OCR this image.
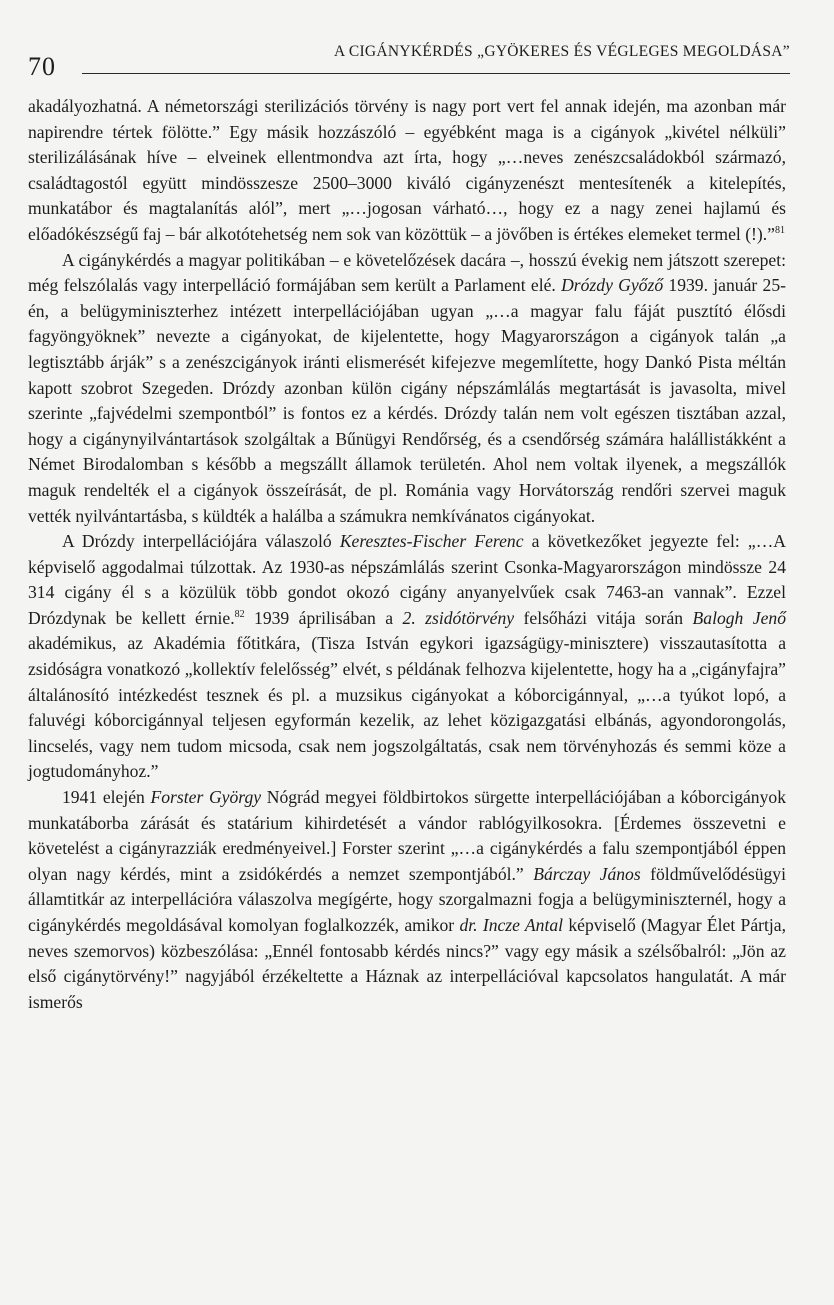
70
A CIGÁNYKÉRDÉS „GYÖKERES ÉS VÉGLEGES MEGOLDÁSA”

akadályozhatná. A németországi sterilizációs törvény is nagy port vert fel annak idején, ma azonban már napirendre tértek fölötte.” Egy másik hozzászóló – egyébként maga is a cigányok „kivétel nélküli” sterilizálásának híve – elveinek ellentmondva azt írta, hogy „…neves zenészcsaládokból származó, családtagostól együtt mindösszesze 2500–3000 kiváló cigányzenészt mentesítenék a kitelepítés, munkatábor és magtalanítás alól”, mert „…jogosan várható…, hogy ez a nagy zenei hajlamú és előadókészségű faj – bár alkotótehetség nem sok van közöttük – a jövőben is értékes elemeket termel (!).”$^{81}$

A cigánykérdés a magyar politikában – e követelőzések dacára –, hosszú évekig nem játszott szerepet: még felszólalás vagy interpelláció formájában sem került a Parlament elé. Drózdy Győző 1939. január 25-én, a belügyminiszterhez intézett interpellációjában ugyan „…a magyar falu fáját pusztító élősdi fagyöngyöknek” nevezte a cigányokat, de kijelentette, hogy Magyarországon a cigányok talán „a legtisztább árják” s a zenészcigányok iránti elismerését kifejezve megemlítette, hogy Dankó Pista méltán kapott szobrot Szegeden. Drózdy azonban külön cigány népszámlálás megtartását is javasolta, mivel szerinte „fajvédelmi szempontból” is fontos ez a kérdés. Drózdy talán nem volt egészen tisztában azzal, hogy a cigánynyilvántartások szolgáltak a Bűnügyi Rendőrség, és a csendőrség számára halállistákként a Német Birodalomban s később a megszállt államok területén. Ahol nem voltak ilyenek, a megszállók maguk rendelték el a cigányok összeírását, de pl. Románia vagy Horvátország rendőri szervei maguk vették nyilvántartásba, s küldték a halálba a számukra nemkívánatos cigányokat.

A Drózdy interpellációjára válaszoló Keresztes-Fischer Ferenc a következőket jegyezte fel: „…A képviselő aggodalmai túlzottak. Az 1930-as népszámlálás szerint Csonka-Magyarországon mindössze 24 314 cigány él s a közülük több gondot okozó cigány anyanyelvűek csak 7463-an vannak”. Ezzel Drózdynak be kellett érnie.$^{82}$ 1939 áprilisában a 2. zsidótörvény felsőházi vitája során Balogh Jenő akadémikus, az Akadémia főtitkára, (Tisza István egykori igazságügy-minisztere) visszautasította a zsidóságra vonatkozó „kollektív felelősség” elvét, s példának felhozva kijelentette, hogy ha a „cigányfajra” általánosító intézkedést tesznek és pl. a muzsikus cigányokat a kóborcigánnyal, „…a tyúkot lopó, a faluvégi kóborcigánnyal teljesen egyformán kezelik, az lehet közigazgatási elbánás, agyondorongolás, lincselés, vagy nem tudom micsoda, csak nem jogszolgáltatás, csak nem törvényhozás és semmi köze a jogtudományhoz.”

1941 elején Forster György Nógrád megyei földbirtokos sürgette interpellációjában a kóborcigányok munkatáborba zárását és statárium kihirdetését a vándor rablógyilkosokra. [Érdemes összevetni e követelést a cigányrazziák eredményeivel.] Forster szerint „…a cigánykérdés a falu szempontjából éppen olyan nagy kérdés, mint a zsidókérdés a nemzet szempontjából.” Bárczay János földművelődésügyi államtitkár az interpellációra válaszolva megígérte, hogy szorgalmazni fogja a belügyminiszternél, hogy a cigánykérdés megoldásával komolyan foglalkozzék, amikor dr. Incze Antal képviselő (Magyar Élet Pártja, neves szemorvos) közbeszólása: „Ennél fontosabb kérdés nincs?” vagy egy másik a szélsőbalról: „Jön az első cigánytörvény!” nagyjából érzékeltette a Háznak az interpellációval kapcsolatos hangulatát. A már ismerős
